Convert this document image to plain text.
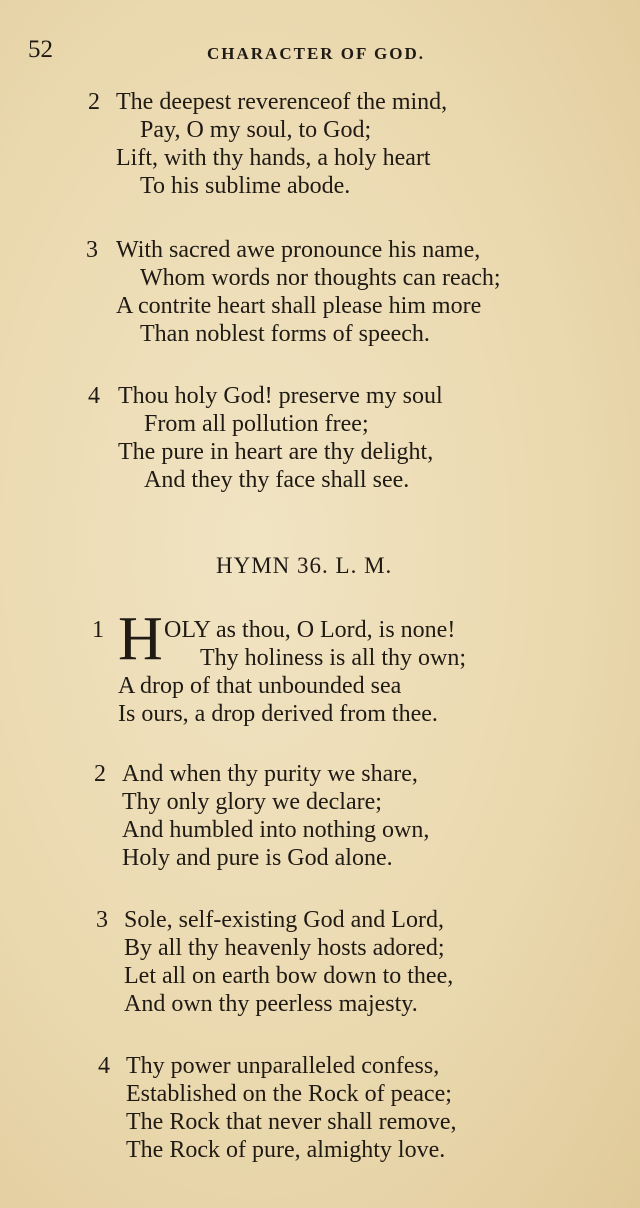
52	CHARACTER OF GOD.
2 The deepest reverenceof the mind,
Pay, O my soul, to God;
Lift, with thy hands, a holy heart
To his sublime abode.
3 With sacred awe pronounce his name,
Whom words nor thoughts can reach;
A contrite heart shall please him more
Than noblest forms of speech.
4 Thou holy God! preserve my soul
From all pollution free;
The pure in heart are thy delight,
And they thy face shall see.
HYMN 36. L. M.
H
1	OLY as thou, O Lord, is none!
Thy holiness is all thy own;
A drop of that unbounded sea
Is ours, a drop derived from thee.
2 And when thy purity we share,
Thy only glory we declare;
And humbled into nothing own,
Holy and pure is God alone.
3 Sole, self-existing God and Lord,
By all thy heavenly hosts adored;
Let all on earth bow down to thee,
And own thy peerless majesty.
4 Thy power unparalleled confess,
Established on the Rock of peace;
The Rock that never shall remove,
The Rock of pure, almighty love.
